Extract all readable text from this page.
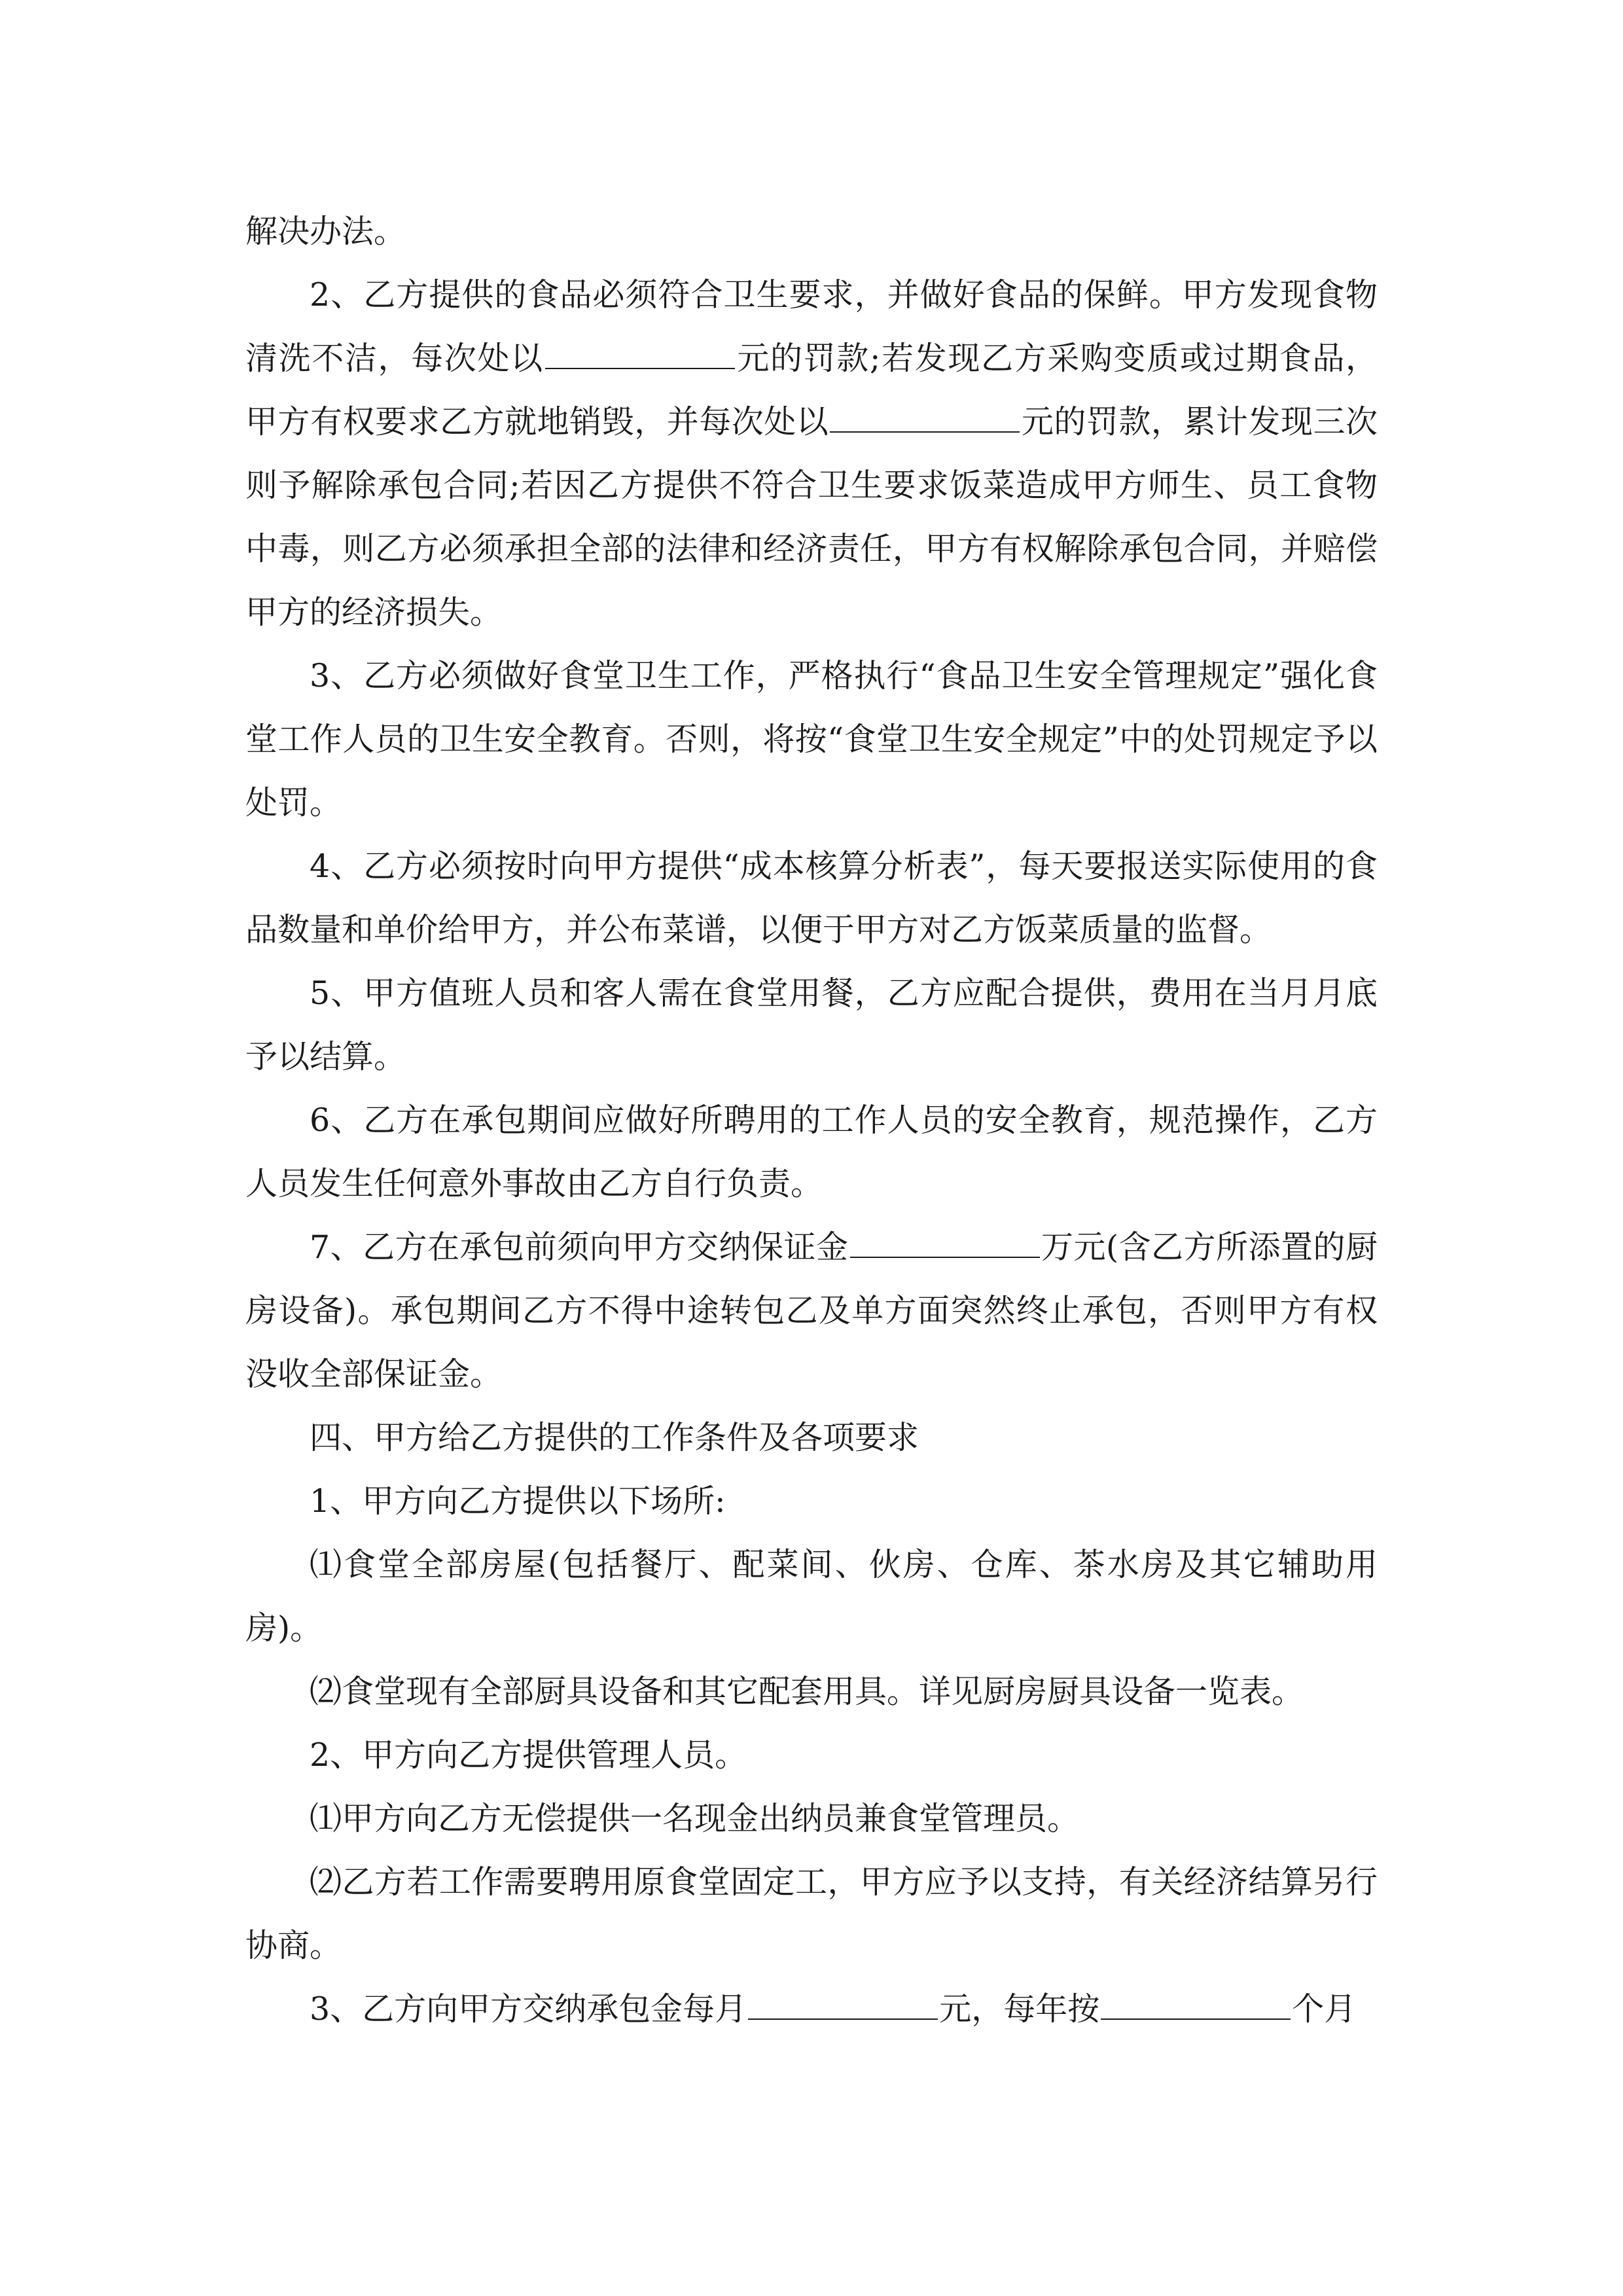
解决办法。

2、乙方提供的食品必须符合卫生要求，并做好食品的保鲜。甲方发现食物清洗不洁，每次处以	元的罚款;若发现乙方采购变质或过期食品，甲方有权要求乙方就地销毁，并每次处以	元的罚款，累计发现三次则予解除承包合同;若因乙方提供不符合卫生要求饭菜造成甲方师生、员工食物中毒，则乙方必须承担全部的法律和经济责任，甲方有权解除承包合同，并赔偿甲方的经济损失。

3、乙方必须做好食堂卫生工作，严格执行“食品卫生安全管理规定”强化食堂工作人员的卫生安全教育。否则，将按“食堂卫生安全规定”中的处罚规定予以处罚。

4、乙方必须按时向甲方提供“成本核算分析表”，每天要报送实际使用的食品数量和单价给甲方，并公布菜谱，以便于甲方对乙方饭菜质量的监督。

5、甲方值班人员和客人需在食堂用餐，乙方应配合提供，费用在当月月底予以结算。

6、乙方在承包期间应做好所聘用的工作人员的安全教育，规范操作，乙方人员发生任何意外事故由乙方自行负责。

7、乙方在承包前须向甲方交纳保证金	万元(含乙方所添置的厨房设备)。承包期间乙方不得中途转包乙及单方面突然终止承包，否则甲方有权没收全部保证金。

四、甲方给乙方提供的工作条件及各项要求

1、甲方向乙方提供以下场所:

⑴食堂全部房屋(包括餐厅、配菜间、伙房、仓库、茶水房及其它辅助用房)。

⑵食堂现有全部厨具设备和其它配套用具。详见厨房厨具设备一览表。

2、甲方向乙方提供管理人员。

⑴甲方向乙方无偿提供一名现金出纳员兼食堂管理员。

⑵乙方若工作需要聘用原食堂固定工，甲方应予以支持，有关经济结算另行协商。

3、乙方向甲方交纳承包金每月	元，每年按	个月
